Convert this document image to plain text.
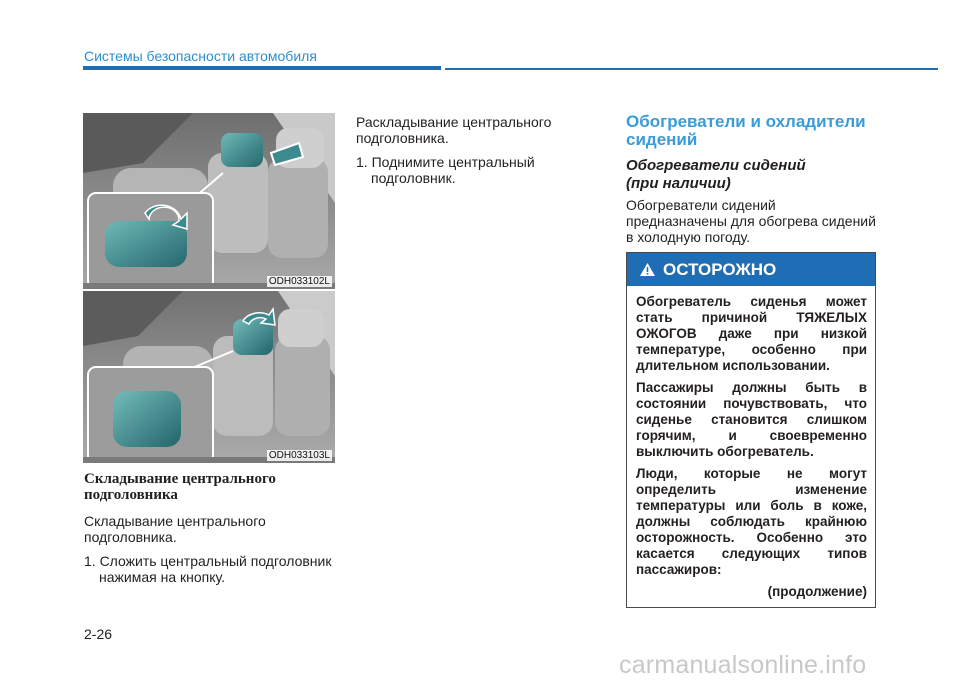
Системы безопасности автомобиля
ODH033102L
ODH033103L
Складывание центрального подголовника
Складывание центрального подголовника.
1. Сложить центральный подголовник нажимая на кнопку.
Раскладывание центрального подголовника.
1. Поднимите центральный подголовник.
Обогреватели и охладители сидений
Обогреватели сидений
(при наличии)
Обогреватели сидений предназначены для обогрева сидений в холодную погоду.
ОСТОРОЖНО

Обогреватель сиденья может стать причиной ТЯЖЕЛЫХ ОЖОГОВ даже при низкой температуре, особенно при длительном использовании.

Пассажиры должны быть в состоянии почувствовать, что сиденье становится слишком горячим, и своевременно выключить обогреватель.

Люди, которые не могут определить изменение температуры или боль в коже, должны соблюдать крайнюю осторожность. Особенно это касается следующих типов пассажиров:

(продолжение)
2-26
carmanualsonline.info
